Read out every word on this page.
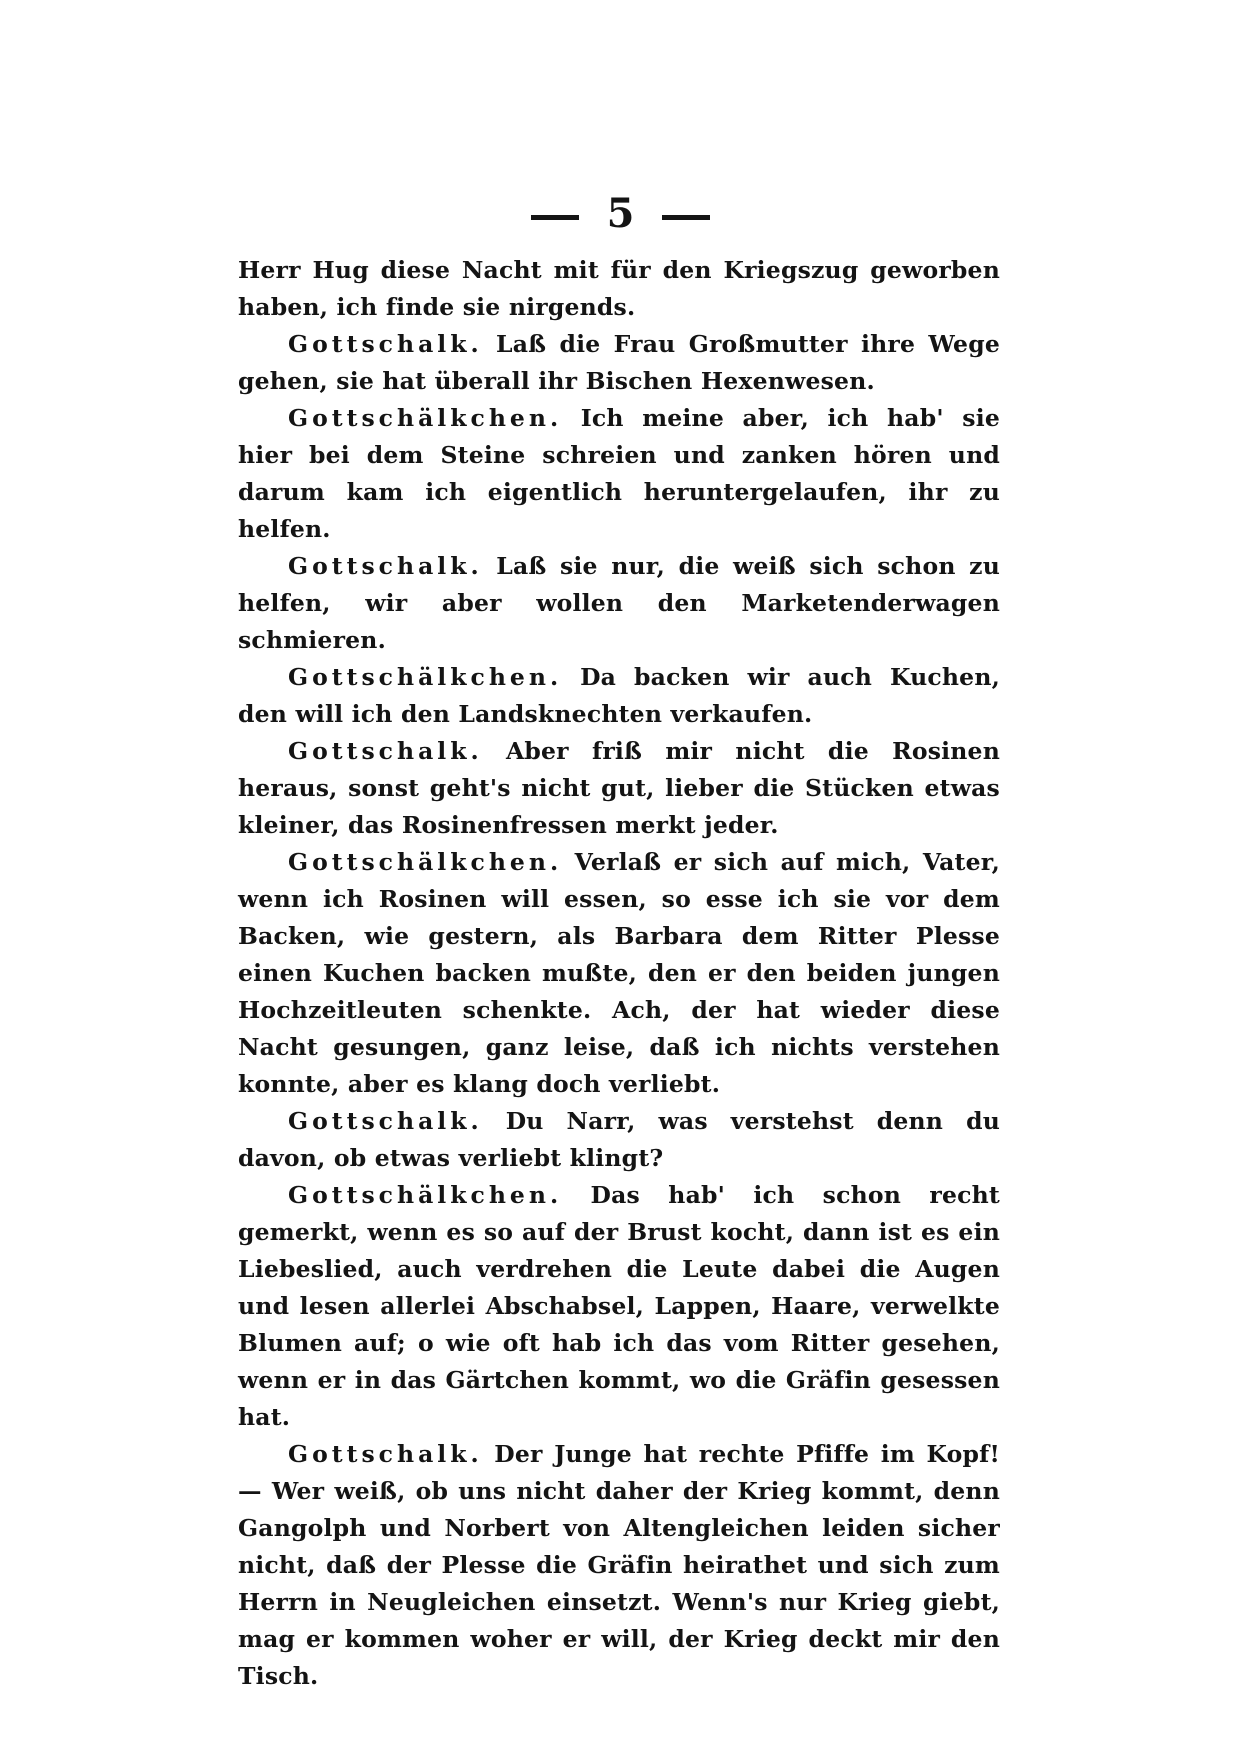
5

Herr Hug diese Nacht mit für den Kriegszug geworben haben, ich finde sie nirgends.

Gottschalk. Laß die Frau Großmutter ihre Wege gehen, sie hat überall ihr Bischen Hexenwesen.

Gottschälkchen. Ich meine aber, ich hab' sie hier bei dem Steine schreien und zanken hören und darum kam ich eigentlich heruntergelaufen, ihr zu helfen.

Gottschalk. Laß sie nur, die weiß sich schon zu helfen, wir aber wollen den Marketenderwagen schmieren.

Gottschälkchen. Da backen wir auch Kuchen, den will ich den Landsknechten verkaufen.

Gottschalk. Aber friß mir nicht die Rosinen heraus, sonst geht's nicht gut, lieber die Stücken etwas kleiner, das Rosinenfressen merkt jeder.

Gottschälkchen. Verlaß er sich auf mich, Vater, wenn ich Rosinen will essen, so esse ich sie vor dem Backen, wie gestern, als Barbara dem Ritter Plesse einen Kuchen backen mußte, den er den beiden jungen Hochzeitleuten schenkte. Ach, der hat wieder diese Nacht gesungen, ganz leise, daß ich nichts verstehen konnte, aber es klang doch verliebt.

Gottschalk. Du Narr, was verstehst denn du davon, ob etwas verliebt klingt?

Gottschälkchen. Das hab' ich schon recht gemerkt, wenn es so auf der Brust kocht, dann ist es ein Liebeslied, auch verdrehen die Leute dabei die Augen und lesen allerlei Abschabsel, Lappen, Haare, verwelkte Blumen auf; o wie oft hab ich das vom Ritter gesehen, wenn er in das Gärtchen kommt, wo die Gräfin gesessen hat.

Gottschalk. Der Junge hat rechte Pfiffe im Kopf! — Wer weiß, ob uns nicht daher der Krieg kommt, denn Gangolph und Norbert von Altengleichen leiden sicher nicht, daß der Plesse die Gräfin heirathet und sich zum Herrn in Neugleichen einsetzt. Wenn's nur Krieg giebt, mag er kommen woher er will, der Krieg deckt mir den Tisch.
